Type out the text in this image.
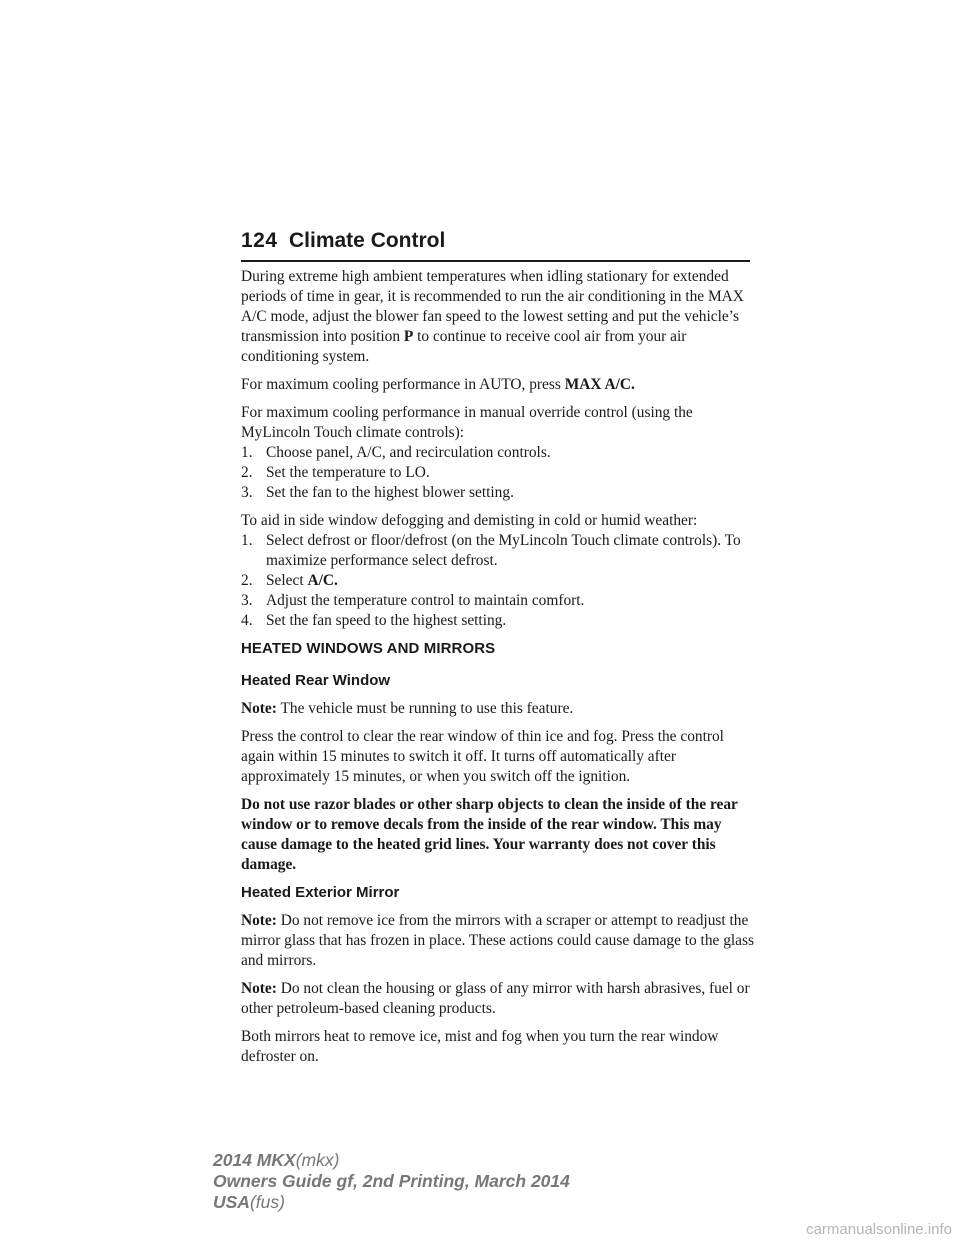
124 Climate Control

During extreme high ambient temperatures when idling stationary for extended periods of time in gear, it is recommended to run the air conditioning in the MAX A/C mode, adjust the blower fan speed to the lowest setting and put the vehicle’s transmission into position P to continue to receive cool air from your air conditioning system.

For maximum cooling performance in AUTO, press MAX A/C.

For maximum cooling performance in manual override control (using the MyLincoln Touch climate controls):

1. Choose panel, A/C, and recirculation controls.
2. Set the temperature to LO.
3. Set the fan to the highest blower setting.

To aid in side window defogging and demisting in cold or humid weather:

1. Select defrost or floor/defrost (on the MyLincoln Touch climate controls). To maximize performance select defrost.
2. Select A/C.
3. Adjust the temperature control to maintain comfort.
4. Set the fan speed to the highest setting.
HEATED WINDOWS AND MIRRORS
Heated Rear Window

Note: The vehicle must be running to use this feature.

Press the control to clear the rear window of thin ice and fog. Press the control again within 15 minutes to switch it off. It turns off automatically after approximately 15 minutes, or when you switch off the ignition.

Do not use razor blades or other sharp objects to clean the inside of the rear window or to remove decals from the inside of the rear window. This may cause damage to the heated grid lines. Your warranty does not cover this damage.

Heated Exterior Mirror

Note: Do not remove ice from the mirrors with a scraper or attempt to readjust the mirror glass that has frozen in place. These actions could cause damage to the glass and mirrors.

Note: Do not clean the housing or glass of any mirror with harsh abrasives, fuel or other petroleum-based cleaning products.

Both mirrors heat to remove ice, mist and fog when you turn the rear window defroster on.

2014 MKX(mkx)
Owners Guide gf, 2nd Printing, March 2014
USA(fus)
carmanualsonline.info
